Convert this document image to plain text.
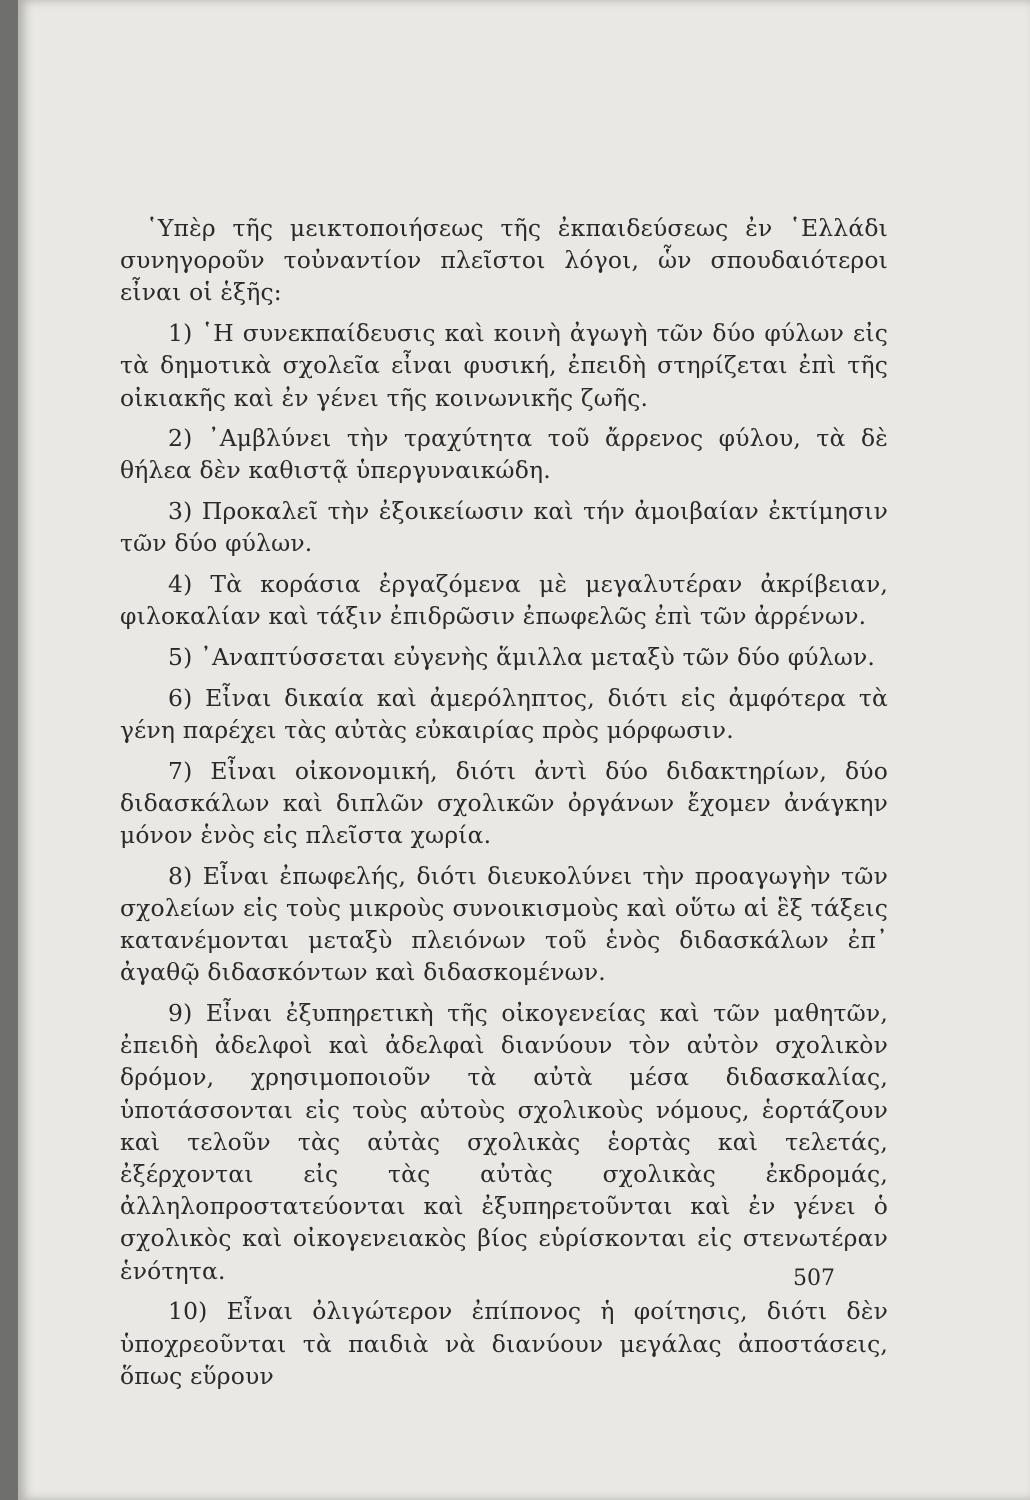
῾Υπὲρ τῆς μεικτοποιήσεως τῆς ἐκπαιδεύσεως ἐν ῾Ελλάδι συνηγοροῦν τοὐναντίον πλεῖστοι λόγοι, ὧν σπουδαιότεροι εἶναι οἱ ἑξῆς:

1) ῾Η συνεκπαίδευσις καὶ κοινὴ ἀγωγὴ τῶν δύο φύλων εἰς τὰ δημοτικὰ σχολεῖα εἶναι φυσική, ἐπειδὴ στηρίζεται ἐπὶ τῆς οἰκιακῆς καὶ ἐν γένει τῆς κοινωνικῆς ζωῆς.

2) ᾽Αμβλύνει τὴν τραχύτητα τοῦ ἄρρενος φύλου, τὰ δὲ θήλεα δὲν καθιστᾷ ὑπεργυναικώδη.

3) Προκαλεῖ τὴν ἐξοικείωσιν καὶ τήν ἀμοιβαίαν ἐκτίμησιν τῶν δύο φύλων.

4) Τὰ κοράσια ἐργαζόμενα μὲ μεγαλυτέραν ἀκρίβειαν, φιλοκαλίαν καὶ τάξιν ἐπιδρῶσιν ἐπωφελῶς ἐπὶ τῶν ἀρρένων.

5) ᾽Αναπτύσσεται εὐγενὴς ἅμιλλα μεταξὺ τῶν δύο φύλων.

6) Εἶναι δικαία καὶ ἀμερόληπτος, διότι εἰς ἀμφότερα τὰ γένη παρέχει τὰς αὐτὰς εὐκαιρίας πρὸς μόρφωσιν.

7) Εἶναι οἰκονομική, διότι ἀντὶ δύο διδακτηρίων, δύο διδασκάλων καὶ διπλῶν σχολικῶν ὀργάνων ἔχομεν ἀνάγκην μόνον ἑνὸς εἰς πλεῖστα χωρία.

8) Εἶναι ἐπωφελής, διότι διευκολύνει τὴν προαγωγὴν τῶν σχολείων εἰς τοὺς μικροὺς συνοικισμοὺς καὶ οὕτω αἱ ἓξ τάξεις κατανέμονται μεταξὺ πλειόνων τοῦ ἑνὸς διδασκάλων ἐπ᾽ ἀγαθῷ διδασκόντων καὶ διδασκομένων.

9) Εἶναι ἐξυπηρετικὴ τῆς οἰκογενείας καὶ τῶν μαθητῶν, ἐπειδὴ ἀδελφοὶ καὶ ἀδελφαὶ διανύουν τὸν αὐτὸν σχολικὸν δρόμον, χρησιμοποιοῦν τὰ αὐτὰ μέσα διδασκαλίας, ὑποτάσσονται εἰς τοὺς αὐτοὺς σχολικοὺς νόμους, ἑορτάζουν καὶ τελοῦν τὰς αὐτὰς σχολικὰς ἑορτὰς καὶ τελετάς, ἐξέρχονται εἰς τὰς αὐτὰς σχολικὰς ἐκδρομάς, ἀλληλοπροστατεύονται καὶ ἐξυπηρετοῦνται καὶ ἐν γένει ὁ σχολικὸς καὶ οἰκογενειακὸς βίος εὑρίσκονται εἰς στενωτέραν ἑνότητα.

10) Εἶναι ὀλιγώτερον ἐπίπονος ἡ φοίτησις, διότι δὲν ὑποχρεοῦνται τὰ παιδιὰ νὰ διανύουν μεγάλας ἀποστάσεις, ὅπως εὕρουν

507
